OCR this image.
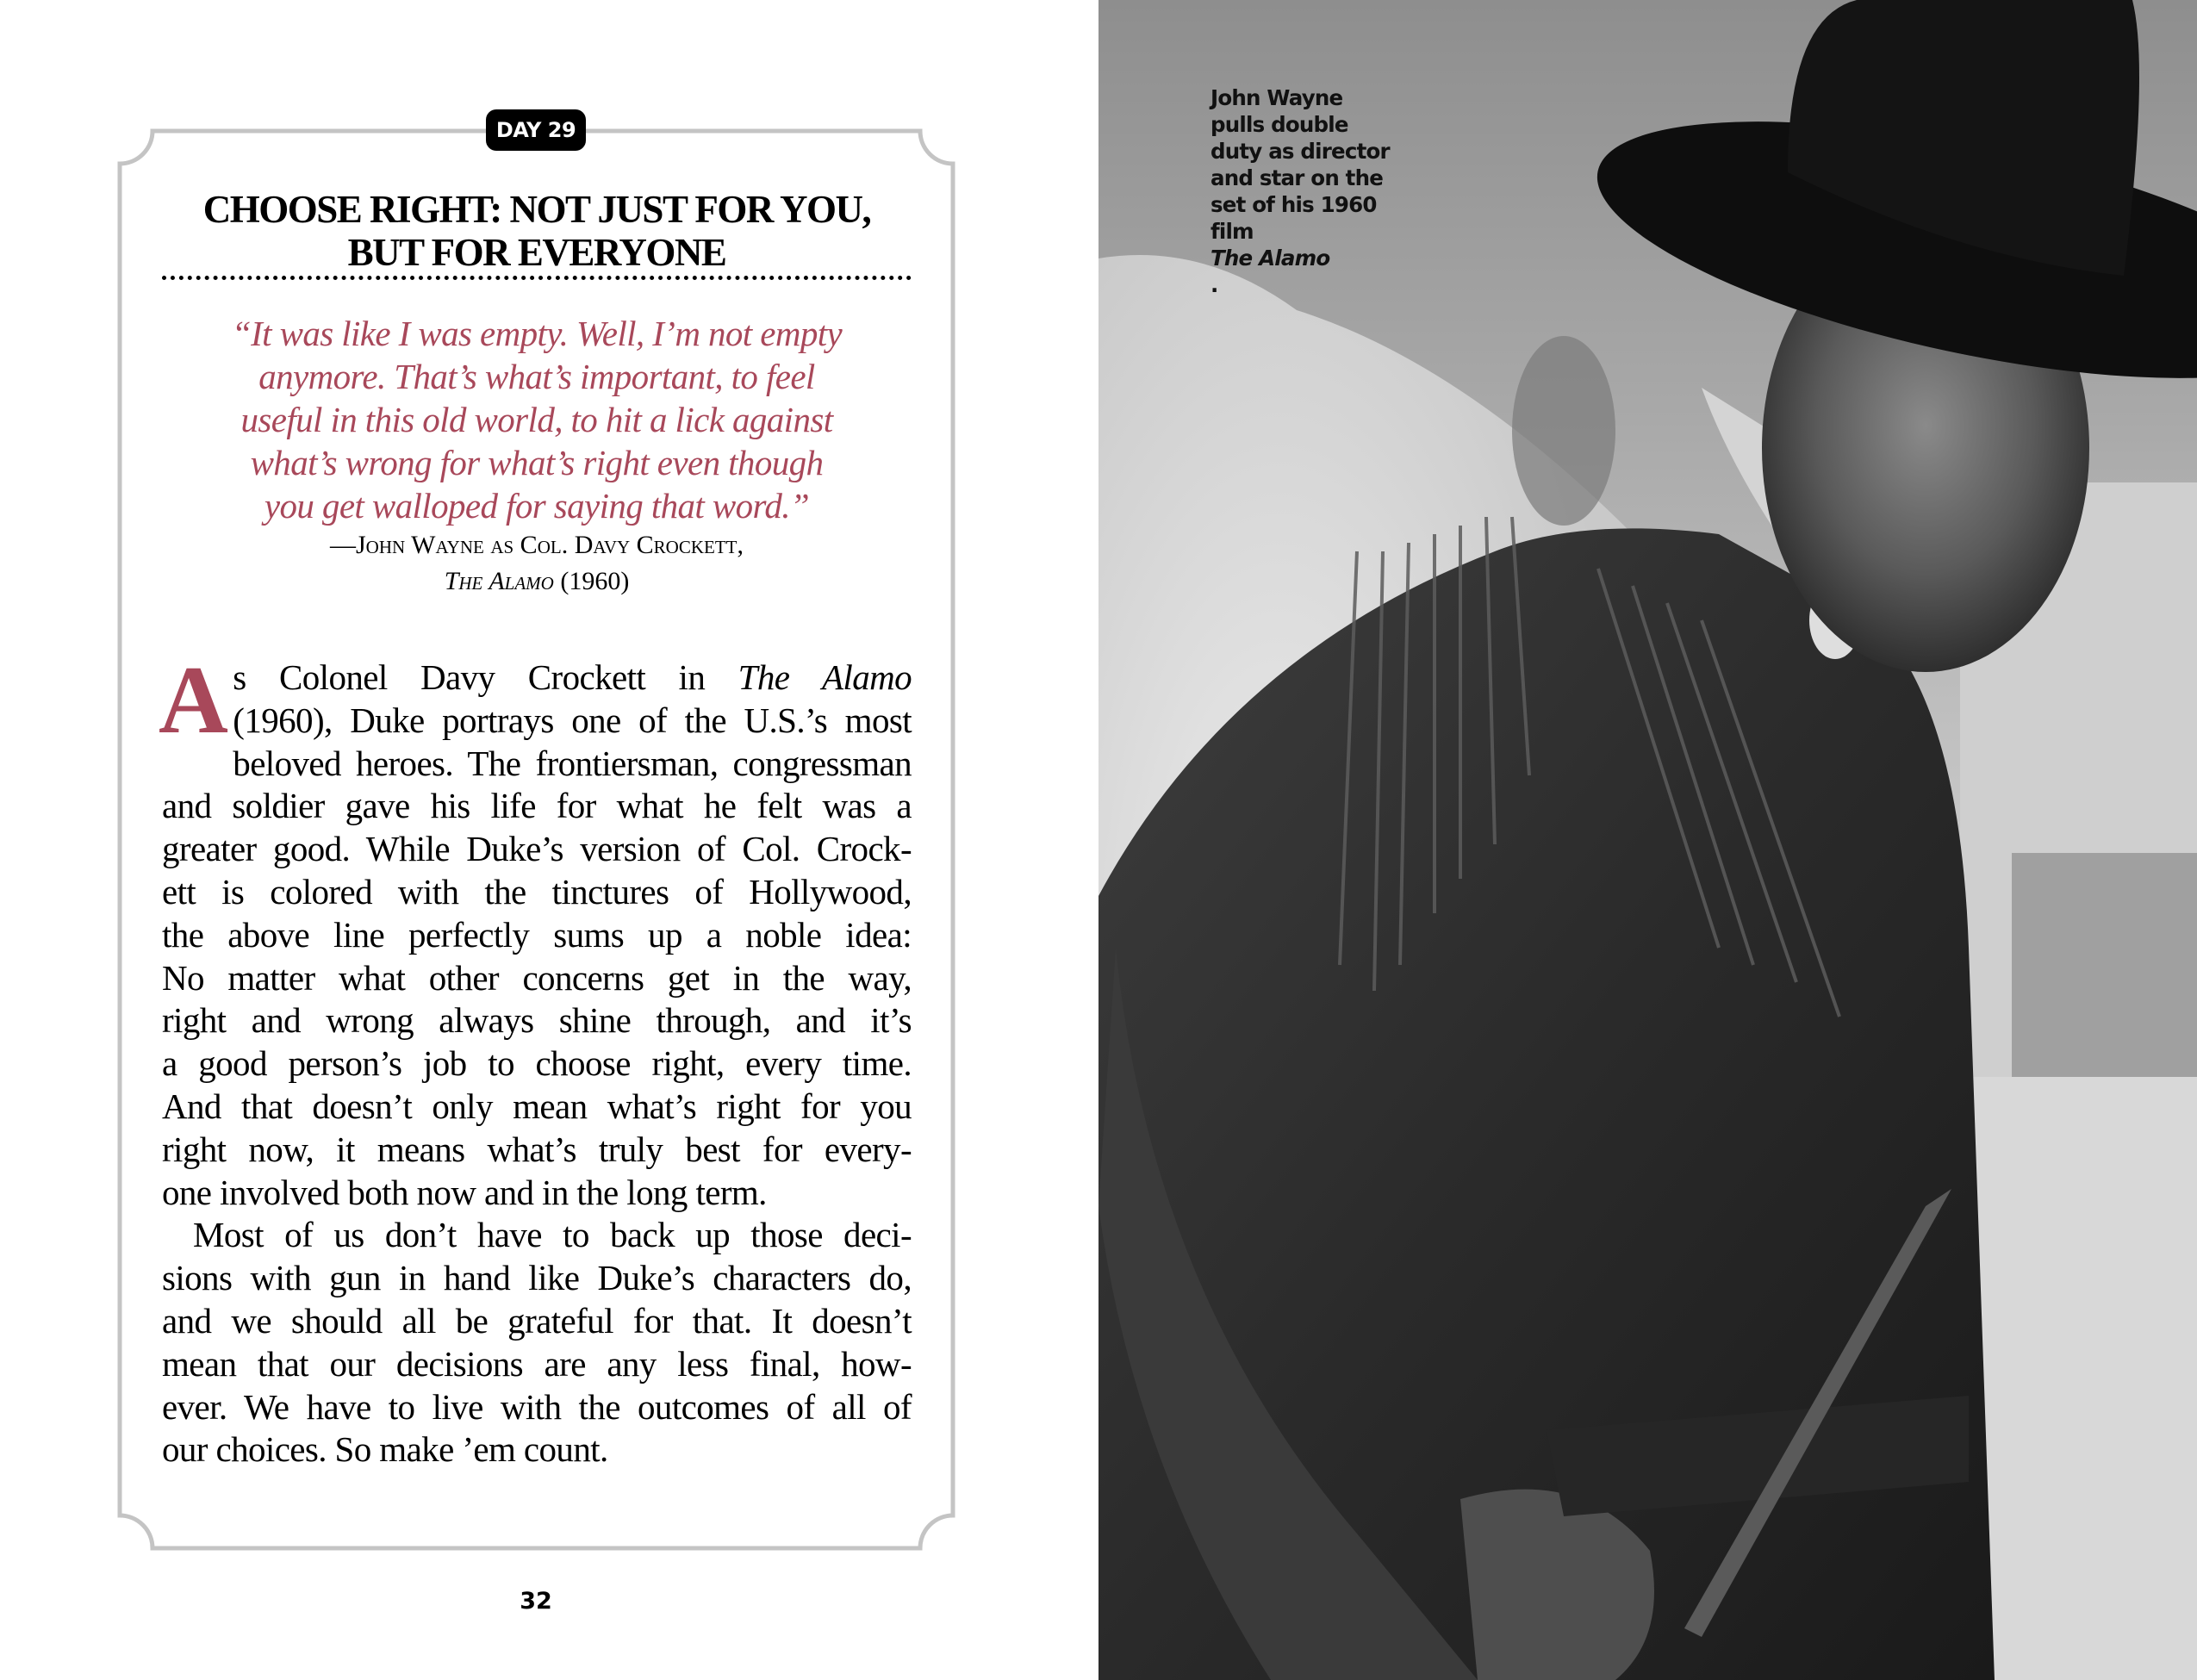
DAY 29
CHOOSE RIGHT: NOT JUST FOR YOU,
BUT FOR EVERYONE
“It was like I was empty. Well, I’m not empty
anymore. That’s what’s important, to feel
useful in this old world, to hit a lick against
what’s wrong for what’s right even though
you get walloped for saying that word.”
—John Wayne as Col. Davy Crockett,
The Alamo (1960)

A s Colonel Davy Crockett in The Alamo
(1960), Duke portrays one of the U.S.’s most
beloved heroes. The frontiersman, congressman
and soldier gave his life for what he felt was a
greater good. While Duke’s version of Col. Crock-
ett is colored with the tinctures of Hollywood,
the above line perfectly sums up a noble idea:
No matter what other concerns get in the way,
right and wrong always shine through, and it’s
a good person’s job to choose right, every time.
And that doesn’t only mean what’s right for you
right now, it means what’s truly best for every-
one involved both now and in the long term.

Most of us don’t have to back up those deci-
sions with gun in hand like Duke’s characters do,
and we should all be grateful for that. It doesn’t
mean that our decisions are any less final, how-
ever. We have to live with the outcomes of all of
our choices. So make ’em count.

32
John Wayne
pulls double
duty as director
and star on the
set of his 1960
film
The Alamo
.
